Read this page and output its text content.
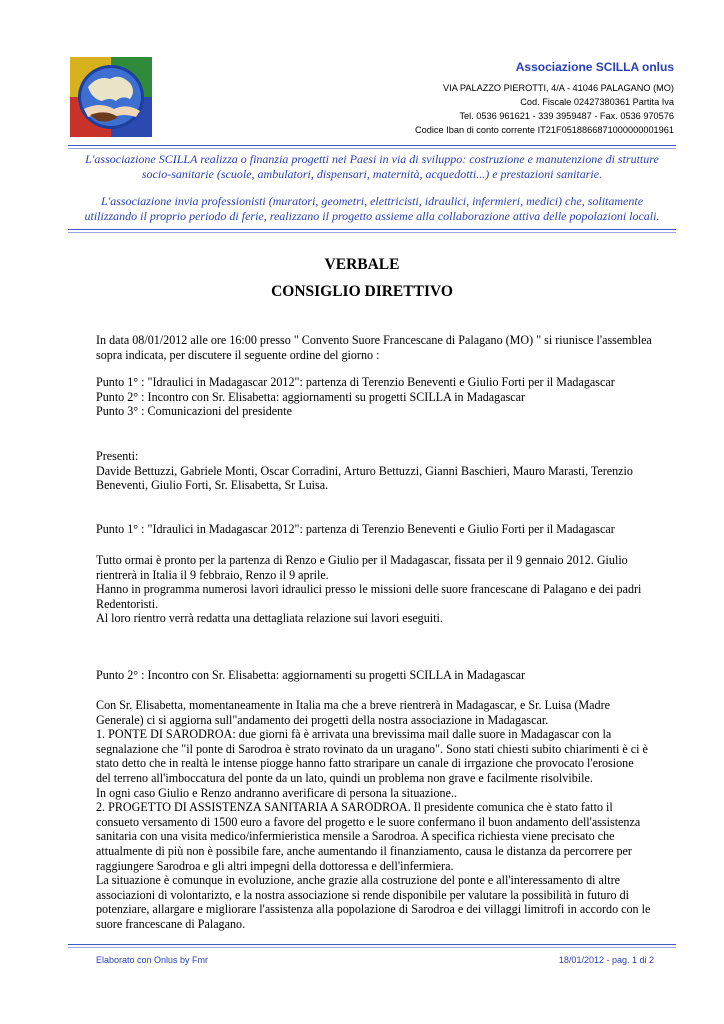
Associazione SCILLA onlus
VIA PALAZZO PIEROTTI, 4/A - 41046 PALAGANO (MO)
Cod. Fiscale 02427380361 Partita Iva
Tel. 0536 961621 - 339 3959487 - Fax. 0536 970576
Codice Iban di conto corrente IT21F0518866871000000001961
L'associazione SCILLA realizza o finanzia progetti nei Paesi in via di sviluppo: costruzione e manutenzione di strutture
socio-sanitarie (scuole, ambulatori, dispensari, maternità, acquedotti...) e prestazioni sanitarie.
L'associazione invia professionisti (muratori, geometri, elettricisti, idraulici, infermieri, medici) che, solitamente
utilizzando il proprio periodo di ferie, realizzano il progetto assieme alla collaborazione attiva delle popolazioni locali.
VERBALE
CONSIGLIO DIRETTIVO
In data 08/01/2012 alle ore 16:00 presso " Convento Suore Francescane di Palagano (MO) " si riunisce l'assemblea
sopra indicata, per discutere il seguente ordine del giorno :
Punto 1° : "Idraulici in Madagascar 2012": partenza di Terenzio Beneventi e Giulio Forti per il Madagascar
Punto 2° : Incontro con Sr. Elisabetta: aggiornamenti su progetti SCILLA in Madagascar
Punto 3° : Comunicazioni del presidente
Presenti:
Davide Bettuzzi, Gabriele Monti, Oscar Corradini, Arturo Bettuzzi, Gianni Baschieri, Mauro Marasti, Terenzio
Beneventi, Giulio Forti, Sr. Elisabetta, Sr Luisa.
Punto 1° : "Idraulici in Madagascar 2012": partenza di Terenzio Beneventi e Giulio Forti per il Madagascar
Tutto ormai è pronto per la partenza di Renzo e Giulio per il Madagascar, fissata per il 9 gennaio 2012. Giulio
rientrerà in Italia il 9 febbraio, Renzo il 9 aprile.
Hanno in programma numerosi lavori idraulici presso le missioni delle suore francescane di Palagano e dei padri
Redentoristi.
Al loro rientro verrà redatta una dettagliata relazione sui lavori eseguiti.
Punto 2° : Incontro con Sr. Elisabetta: aggiornamenti su progetti SCILLA in Madagascar
Con Sr. Elisabetta, momentaneamente in Italia ma che a breve rientrerà in Madagascar, e Sr. Luisa (Madre
Generale) ci si aggiorna sull"andamento dei progetti della nostra associazione in Madagascar.
1. PONTE DI SARODROA: due giorni fà è arrivata una brevissima mail dalle suore in Madagascar con la
segnalazione che "il ponte di Sarodroa è strato rovinato da un uragano". Sono stati chiesti subito chiarimenti è ci è
stato detto che in realtà le intense piogge hanno fatto straripare un canale di irrgazione che provocato l'erosione
del terreno all'imboccatura del ponte da un lato, quindi un problema non grave e facilmente risolvibile.
In ogni caso Giulio e Renzo andranno averificare di persona la situazione..
2. PROGETTO DI ASSISTENZA SANITARIA A SARODROA. Il presidente comunica che è stato fatto il
consueto versamento di 1500 euro a favore del progetto e le suore confermano il buon andamento dell'assistenza
sanitaria con una visita medico/infermieristica mensile a Sarodroa. A specifica richiesta viene precisato che
attualmente di più non è possibile fare, anche aumentando il finanziamento, causa le distanza da percorrere per
raggiungere Sarodroa e gli altri impegni della dottoressa e dell'infermiera.
La situazione è comunque in evoluzione, anche grazie alla costruzione del ponte e all'interessamento di altre
associazioni di volontarizto, e la nostra associazione si rende disponibile per valutare la possibilità in futuro di
potenziare, allargare e migliorare l'assistenza alla popolazione di Sarodroa e dei villaggi limitrofi in accordo con le
suore francescane di Palagano.
Elaborato con Onlus by Fmr	18/01/2012 - pag. 1 di 2
